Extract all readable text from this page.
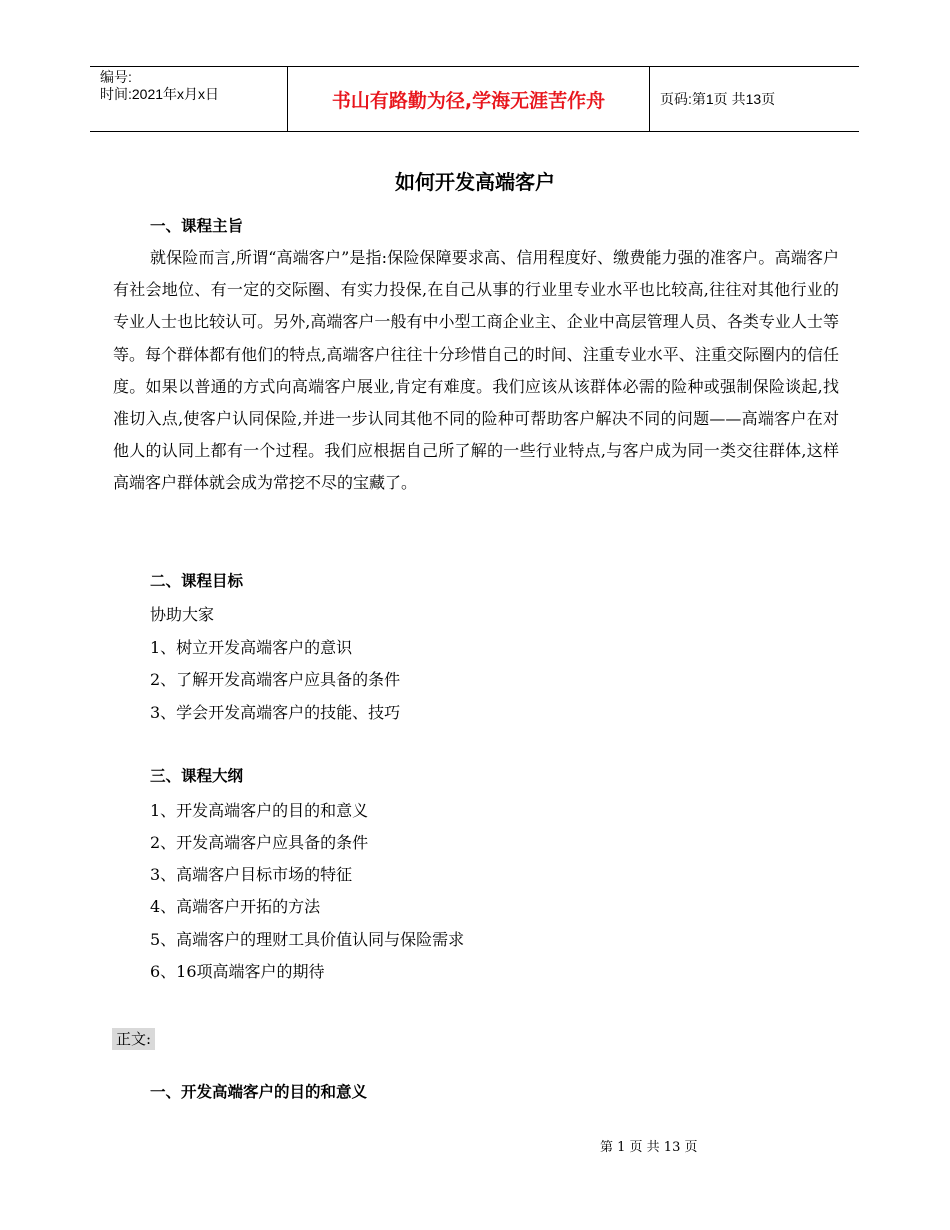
编号:
时间:2021年x月x日	书山有路勤为径,学海无涯苦作舟	页码:第1页 共13页
如何开发高端客户
一、课程主旨

就保险而言,所谓“高端客户”是指:保险保障要求高、信用程度好、缴费能力强的准客户。高端客户有社会地位、有一定的交际圈、有实力投保,在自己从事的行业里专业水平也比较高,往往对其他行业的专业人士也比较认可。另外,高端客户一般有中小型工商企业主、企业中高层管理人员、各类专业人士等等。每个群体都有他们的特点,高端客户往往十分珍惜自己的时间、注重专业水平、注重交际圈内的信任度。如果以普通的方式向高端客户展业,肯定有难度。我们应该从该群体必需的险种或强制保险谈起,找准切入点,使客户认同保险,并进一步认同其他不同的险种可帮助客户解决不同的问题——高端客户在对他人的认同上都有一个过程。我们应根据自己所了解的一些行业特点,与客户成为同一类交往群体,这样高端客户群体就会成为常挖不尽的宝藏了。

二、课程目标

协助大家

1、树立开发高端客户的意识

2、了解开发高端客户应具备的条件

3、学会开发高端客户的技能、技巧

三、课程大纲

1、开发高端客户的目的和意义

2、开发高端客户应具备的条件

3、高端客户目标市场的特征

4、高端客户开拓的方法

5、高端客户的理财工具价值认同与保险需求

6、16项高端客户的期待

正文:
一、开发高端客户的目的和意义
第 1 页 共 13 页
